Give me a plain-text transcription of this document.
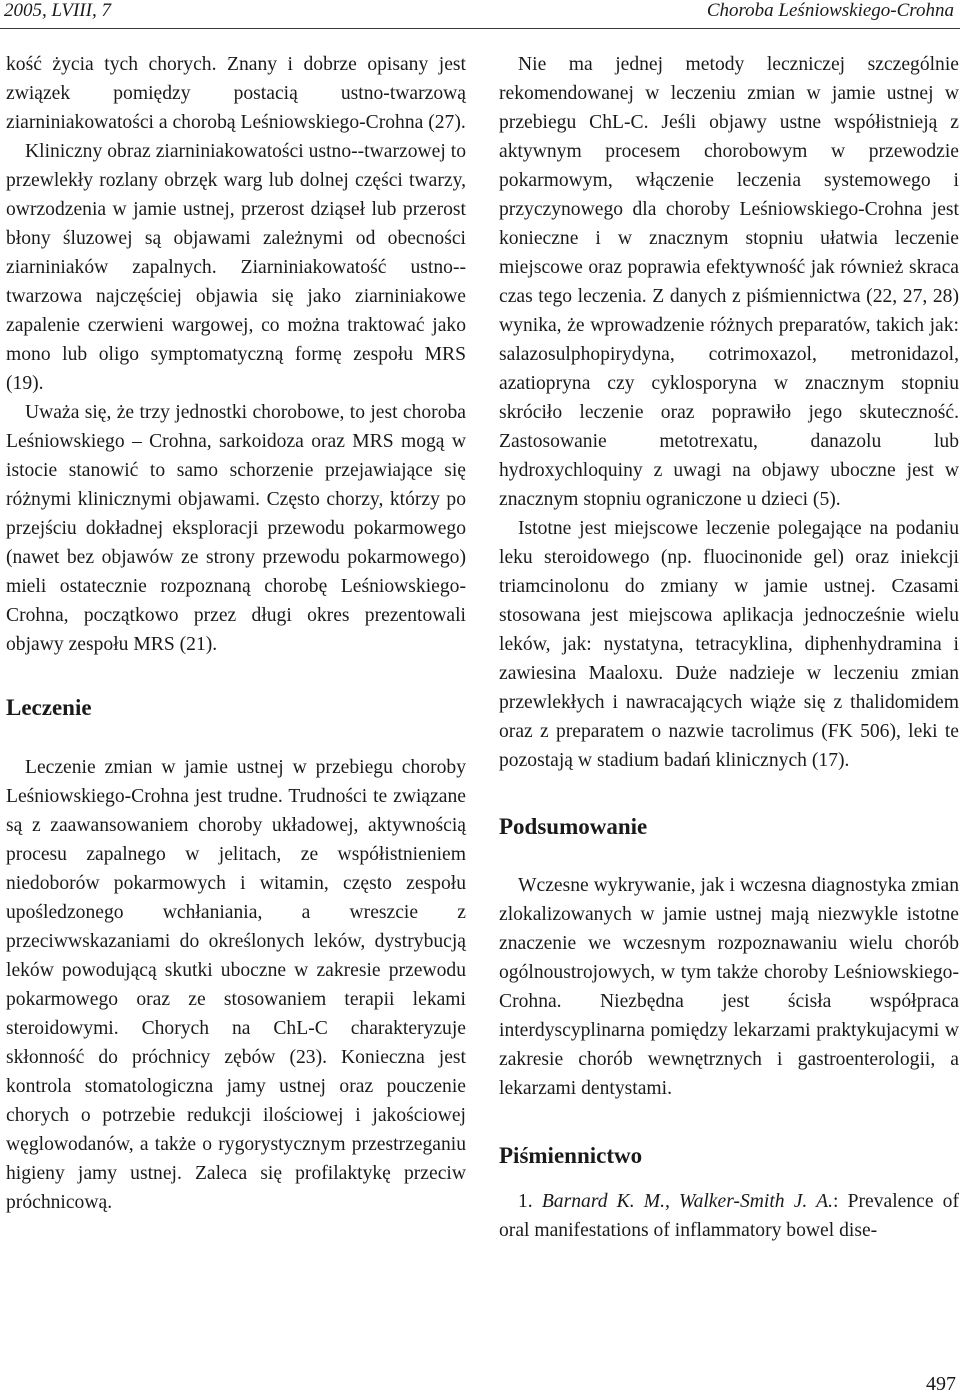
2005, LVIII, 7	Choroba Leśniowskiego-Crohna

kość życia tych chorych. Znany i dobrze opisany jest związek pomiędzy postacią ustno-twarzową ziarniniakowatości a chorobą Leśniowskiego-Crohna (27).

Kliniczny obraz ziarniniakowatości ustno--twarzowej to przewlekły rozlany obrzęk warg lub dolnej części twarzy, owrzodzenia w jamie ustnej, przerost dziąseł lub przerost błony śluzowej są objawami zależnymi od obecności ziarniniaków zapalnych. Ziarniniakowatość ustno--twarzowa najczęściej objawia się jako ziarniniakowe zapalenie czerwieni wargowej, co można traktować jako mono lub oligo symptomatyczną formę zespołu MRS (19).

Uważa się, że trzy jednostki chorobowe, to jest choroba Leśniowskiego – Crohna, sarkoidoza oraz MRS mogą w istocie stanowić to samo schorzenie przejawiające się różnymi klinicznymi objawami. Często chorzy, którzy po przejściu dokładnej eksploracji przewodu pokarmowego (nawet bez objawów ze strony przewodu pokarmowego) mieli ostatecznie rozpoznaną chorobę Leśniowskiego-Crohna, początkowo przez długi okres prezentowali objawy zespołu MRS (21).

Leczenie

Leczenie zmian w jamie ustnej w przebiegu choroby Leśniowskiego-Crohna jest trudne. Trudności te związane są z zaawansowaniem choroby układowej, aktywnością procesu zapalnego w jelitach, ze współistnieniem niedoborów pokarmowych i witamin, często zespołu upośledzonego wchłaniania, a wreszcie z przeciwwskazaniami do określonych leków, dystrybucją leków powodującą skutki uboczne w zakresie przewodu pokarmowego oraz ze stosowaniem terapii lekami steroidowymi. Chorych na ChL-C charakteryzuje skłonność do próchnicy zębów (23). Konieczna jest kontrola stomatologiczna jamy ustnej oraz pouczenie chorych o potrzebie redukcji ilościowej i jakościowej węglowodanów, a także o rygorystycznym przestrzeganiu higieny jamy ustnej. Zaleca się profilaktykę przeciw próchnicową.

Nie ma jednej metody leczniczej szczególnie rekomendowanej w leczeniu zmian w jamie ustnej w przebiegu ChL-C. Jeśli objawy ustne współistnieją z aktywnym procesem chorobowym w przewodzie pokarmowym, włączenie leczenia systemowego i przyczynowego dla choroby Leśniowskiego-Crohna jest konieczne i w znacznym stopniu ułatwia leczenie miejscowe oraz poprawia efektywność jak również skraca czas tego leczenia. Z danych z piśmiennictwa (22, 27, 28) wynika, że wprowadzenie różnych preparatów, takich jak: salazosulphopirydyna, cotrimoxazol, metronidazol, azatiopryna czy cyklosporyna w znacznym stopniu skróciło leczenie oraz poprawiło jego skuteczność. Zastosowanie metotrexatu, danazolu lub hydroxychloquiny z uwagi na objawy uboczne jest w znacznym stopniu ograniczone u dzieci (5).

Istotne jest miejscowe leczenie polegające na podaniu leku steroidowego (np. fluocinonide gel) oraz iniekcji triamcinolonu do zmiany w jamie ustnej. Czasami stosowana jest miejscowa aplikacja jednocześnie wielu leków, jak: nystatyna, tetracyklina, diphenhydramina i zawiesina Maaloxu. Duże nadzieje w leczeniu zmian przewlekłych i nawracających wiąże się z thalidomidem oraz z preparatem o nazwie tacrolimus (FK 506), leki te pozostają w stadium badań klinicznych (17).

Podsumowanie

Wczesne wykrywanie, jak i wczesna diagnostyka zmian zlokalizowanych w jamie ustnej mają niezwykle istotne znaczenie we wczesnym rozpoznawaniu wielu chorób ogólnoustrojowych, w tym także choroby Leśniowskiego-Crohna. Niezbędna jest ścisła współpraca interdyscyplinarna pomiędzy lekarzami praktykujacymi w zakresie chorób wewnętrznych i gastroenterologii, a lekarzami dentystami.

Piśmiennictwo

1. Barnard K. M., Walker-Smith J. A.: Prevalence of oral manifestations of inflammatory bowel dise-

497
